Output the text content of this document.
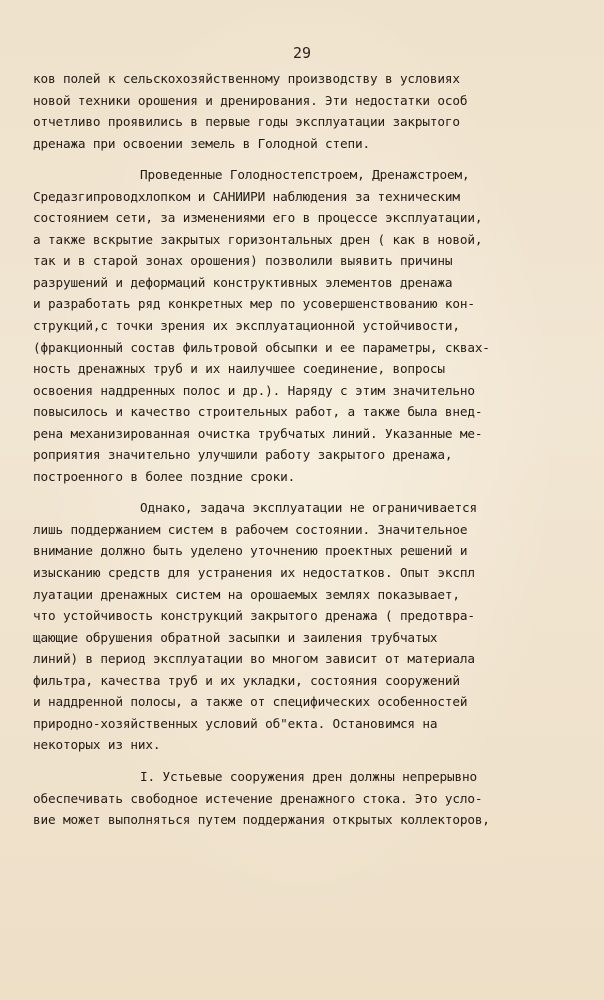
29
ков полей к сельскохозяйственному производству в условиях
новой техники орошения и дренирования. Эти недостатки особ
отчетливо проявились в первые годы эксплуатации закрытого
дренажа при освоении земель в Голодной степи.
Проведенные Голодностепстроем, Дренажстроем,
Средазгипроводхлопком и САНИИРИ наблюдения за техническим
состоянием сети, за изменениями его в процессе эксплуатации,
а также вскрытие закрытых горизонтальных дрен ( как в новой,
так и в старой зонах орошения) позволили выявить причины
разрушений и деформаций конструктивных элементов дренажа
и разработать ряд конкретных мер по усовершенствованию кон-
струкций,с точки зрения их эксплуатационной устойчивости,
(фракционный состав фильтровой обсыпки и ее параметры, сквах-
ность дренажных труб и их наилучшее соединение, вопросы
освоения наддренных полос и др.). Наряду с этим значительно
повысилось и качество строительных работ, а также была внед-
рена механизированная очистка трубчатых линий. Указанные ме-
роприятия значительно улучшили работу закрытого дренажа,
построенного в более поздние сроки.
Однако, задача эксплуатации не ограничивается
лишь поддержанием систем в рабочем состоянии. Значительное
внимание должно быть уделено уточнению проектных решений и
изысканию средств для устранения их недостатков. Опыт экспл
луатации дренажных систем на орошаемых землях показывает,
что устойчивость конструкций закрытого дренажа ( предотвра-
щающие обрушения обратной засыпки и заиления трубчатых
линий) в период эксплуатации во многом зависит от материала
фильтра, качества труб и их укладки, состояния сооружений
и наддренной полосы, а также от специфических особенностей
природно-хозяйственных условий об"екта. Остановимся на
некоторых из них.
I. Устьевые сооружения дрен должны непрерывно
обеспечивать свободное истечение дренажного стока. Это усло-
вие может выполняться путем поддержания открытых коллекторов,
